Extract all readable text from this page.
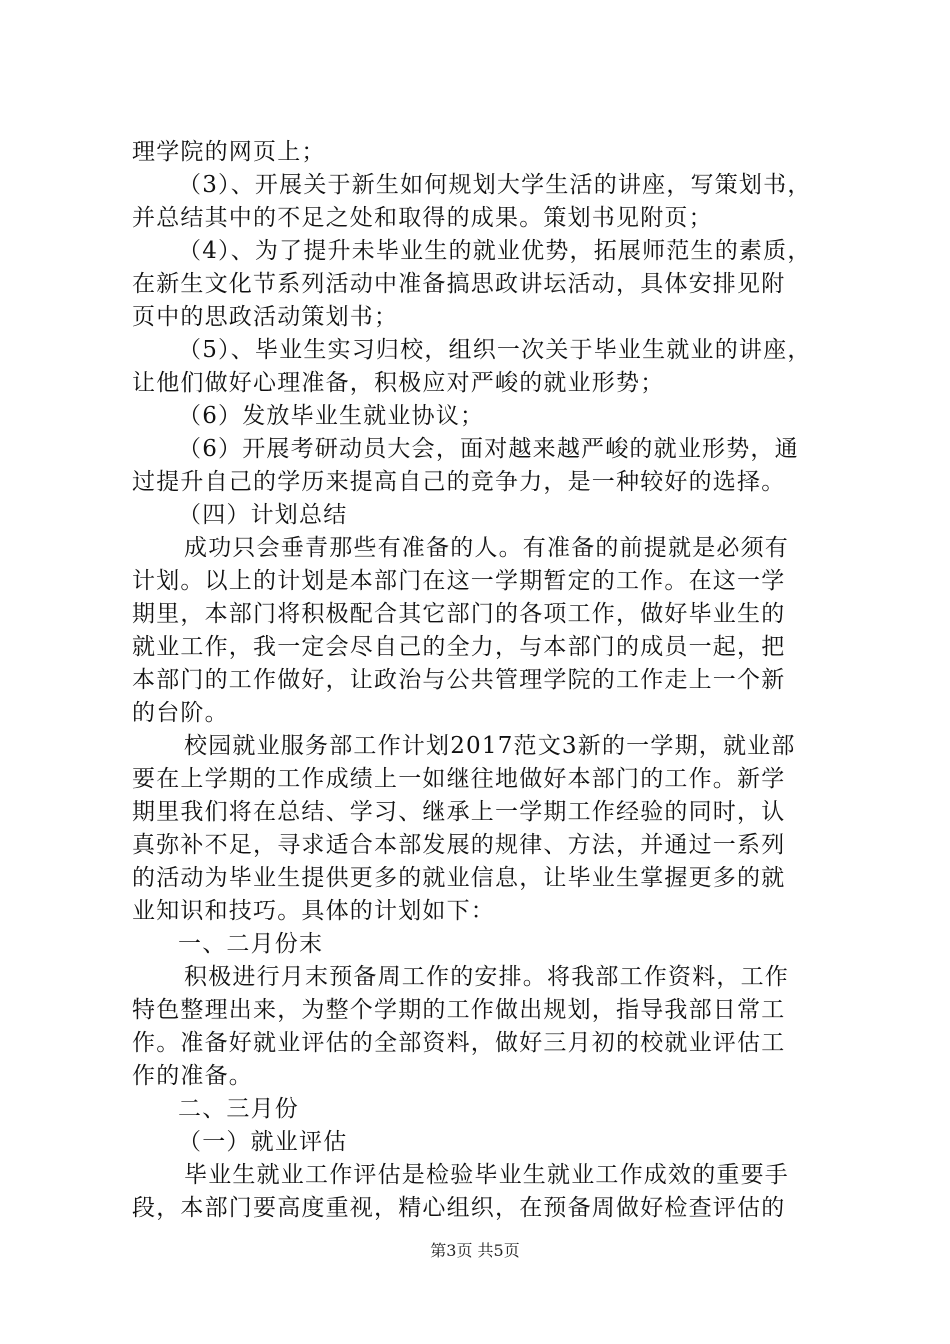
理学院的网页上；
（3）、开展关于新生如何规划大学生活的讲座，写策划书，
并总结其中的不足之处和取得的成果。策划书见附页；
（4）、为了提升未毕业生的就业优势，拓展师范生的素质，
在新生文化节系列活动中准备搞思政讲坛活动，具体安排见附
页中的思政活动策划书；
（5）、毕业生实习归校，组织一次关于毕业生就业的讲座，
让他们做好心理准备，积极应对严峻的就业形势；
（6）发放毕业生就业协议；
（6）开展考研动员大会，面对越来越严峻的就业形势，通
过提升自己的学历来提高自己的竞争力，是一种较好的选择。
（四）计划总结
成功只会垂青那些有准备的人。有准备的前提就是必须有
计划。以上的计划是本部门在这一学期暂定的工作。在这一学
期里，本部门将积极配合其它部门的各项工作，做好毕业生的
就业工作，我一定会尽自己的全力，与本部门的成员一起，把
本部门的工作做好，让政治与公共管理学院的工作走上一个新
的台阶。
校园就业服务部工作计划2017范文3新的一学期，就业部
要在上学期的工作成绩上一如继往地做好本部门的工作。新学
期里我们将在总结、学习、继承上一学期工作经验的同时，认
真弥补不足，寻求适合本部发展的规律、方法，并通过一系列
的活动为毕业生提供更多的就业信息，让毕业生掌握更多的就
业知识和技巧。具体的计划如下：
一、二月份末
积极进行月末预备周工作的安排。将我部工作资料，工作
特色整理出来，为整个学期的工作做出规划，指导我部日常工
作。准备好就业评估的全部资料，做好三月初的校就业评估工
作的准备。
二、三月份
（一）就业评估
毕业生就业工作评估是检验毕业生就业工作成效的重要手
段，本部门要高度重视，精心组织，在预备周做好检查评估的
第3页 共5页
